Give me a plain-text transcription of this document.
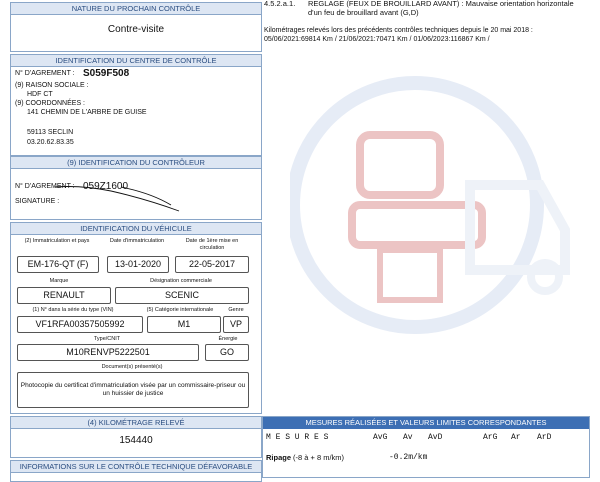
NATURE DU PROCHAIN CONTRÔLE
Contre-visite
IDENTIFICATION DU CENTRE DE CONTRÔLE
N° D'AGREMENT : S059F508
(9) RAISON SOCIALE :
HDF CT
(9) COORDONNÉES :
141 CHEMIN DE L'ARBRE DE GUISE
59113 SECLIN
03.20.62.83.35
(9) IDENTIFICATION DU CONTRÔLEUR
N° D'AGREMENT : 059Z1600
SIGNATURE :
IDENTIFICATION DU VÉHICULE
(2) Immatriculation et pays	Date d'immatriculation	Date de 1ère mise en circulation
EM-176-QT (F)	13-01-2020	22-05-2017
Marque	Désignation commerciale
RENAULT	SCENIC
(1) N° dans la série du type (VIN)	(5) Catégorie internationale	Genre
VF1RFA00357505992	M1	VP
Type/CNIT	Énergie
M10RENVP5222501	GO
Document(s) présenté(s)
Photocopie du certificat d'immatriculation visée par un commissaire-priseur ou un huissier de justice
(4) KILOMÉTRAGE RELEVÉ
154440
INFORMATIONS SUR LE CONTRÔLE TECHNIQUE DÉFAVORABLE
4.5.2.a.1. REGLAGE (FEUX DE BROUILLARD AVANT) : Mauvaise orientation horizontale
d'un feu de brouillard avant (G,D)
Kilométrages relevés lors des précédents contrôles techniques depuis le 20 mai 2018 :
05/06/2021:69814 Km / 21/06/2021:70471 Km / 01/06/2023:116867 Km /
MESURES RÉALISÉES ET VALEURS LIMITES CORRESPONDANTES
M E S U R E S	AvG Av AvD	ArG Ar ArD
Ripage (-8 à + 8 m/km)	-0.2m/km
